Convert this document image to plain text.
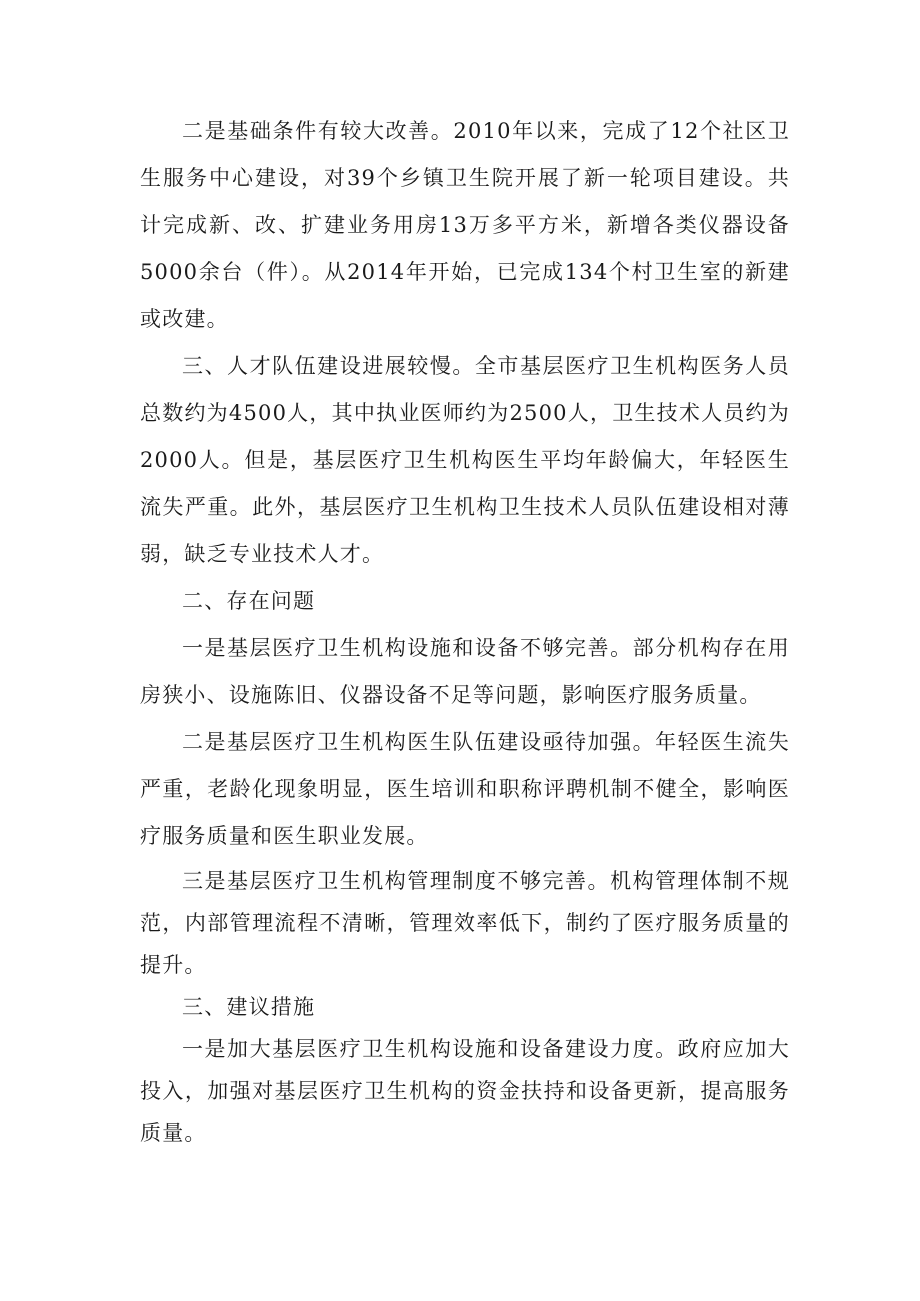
二是基础条件有较大改善。2010年以来，完成了12个社区卫生服务中心建设，对39个乡镇卫生院开展了新一轮项目建设。共计完成新、改、扩建业务用房13万多平方米，新增各类仪器设备5000余台（件）。从2014年开始，已完成134个村卫生室的新建或改建。

三、人才队伍建设进展较慢。全市基层医疗卫生机构医务人员总数约为4500人，其中执业医师约为2500人，卫生技术人员约为2000人。但是，基层医疗卫生机构医生平均年龄偏大，年轻医生流失严重。此外，基层医疗卫生机构卫生技术人员队伍建设相对薄弱，缺乏专业技术人才。

二、存在问题

一是基层医疗卫生机构设施和设备不够完善。部分机构存在用房狭小、设施陈旧、仪器设备不足等问题，影响医疗服务质量。

二是基层医疗卫生机构医生队伍建设亟待加强。年轻医生流失严重，老龄化现象明显，医生培训和职称评聘机制不健全，影响医疗服务质量和医生职业发展。

三是基层医疗卫生机构管理制度不够完善。机构管理体制不规范，内部管理流程不清晰，管理效率低下，制约了医疗服务质量的提升。

三、建议措施

一是加大基层医疗卫生机构设施和设备建设力度。政府应加大投入，加强对基层医疗卫生机构的资金扶持和设备更新，提高服务质量。
